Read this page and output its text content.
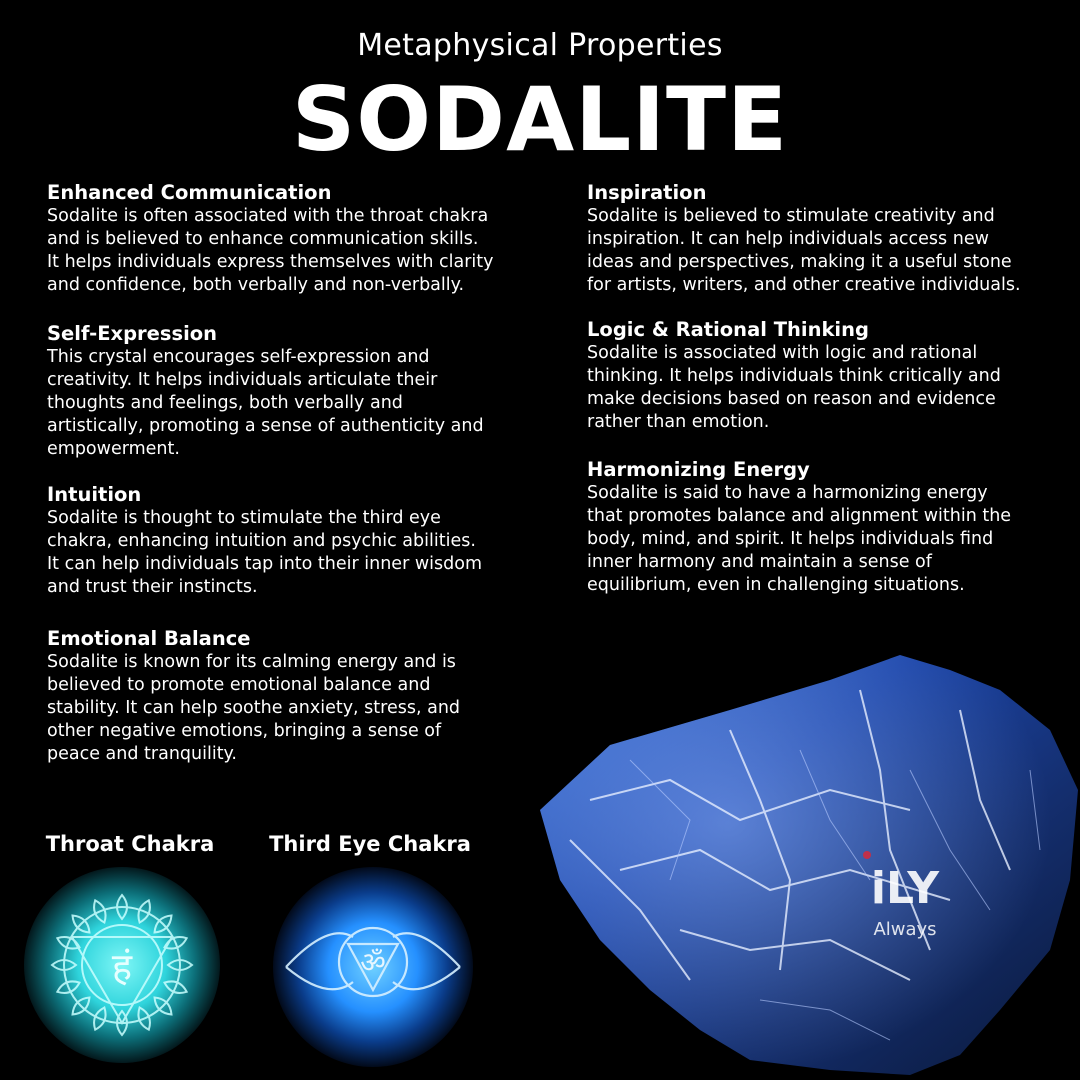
Metaphysical Properties
SODALITE
Enhanced Communication

Sodalite is often associated with the throat chakra
and is believed to enhance communication skills.
It helps individuals express themselves with clarity
and confidence, both verbally and non-verbally.

Self-Expression

This crystal encourages self-expression and
creativity. It helps individuals articulate their
thoughts and feelings, both verbally and
artistically, promoting a sense of authenticity and
empowerment.

Intuition

Sodalite is thought to stimulate the third eye
chakra, enhancing intuition and psychic abilities.
It can help individuals tap into their inner wisdom
and trust their instincts.

Emotional Balance

Sodalite is known for its calming energy and is
believed to promote emotional balance and
stability. It can help soothe anxiety, stress, and
other negative emotions, bringing a sense of
peace and tranquility.

Inspiration

Sodalite is believed to stimulate creativity and
inspiration. It can help individuals access new
ideas and perspectives, making it a useful stone
for artists, writers, and other creative individuals.

Logic & Rational Thinking

Sodalite is associated with logic and rational
thinking. It helps individuals think critically and
make decisions based on reason and evidence
rather than emotion.

Harmonizing Energy

Sodalite is said to have a harmonizing energy
that promotes balance and alignment within the
body, mind, and spirit. It helps individuals find
inner harmony and maintain a sense of
equilibrium, even in challenging situations.

Throat Chakra	Third Eye Chakra
हं	ॐ
iLY
Always
